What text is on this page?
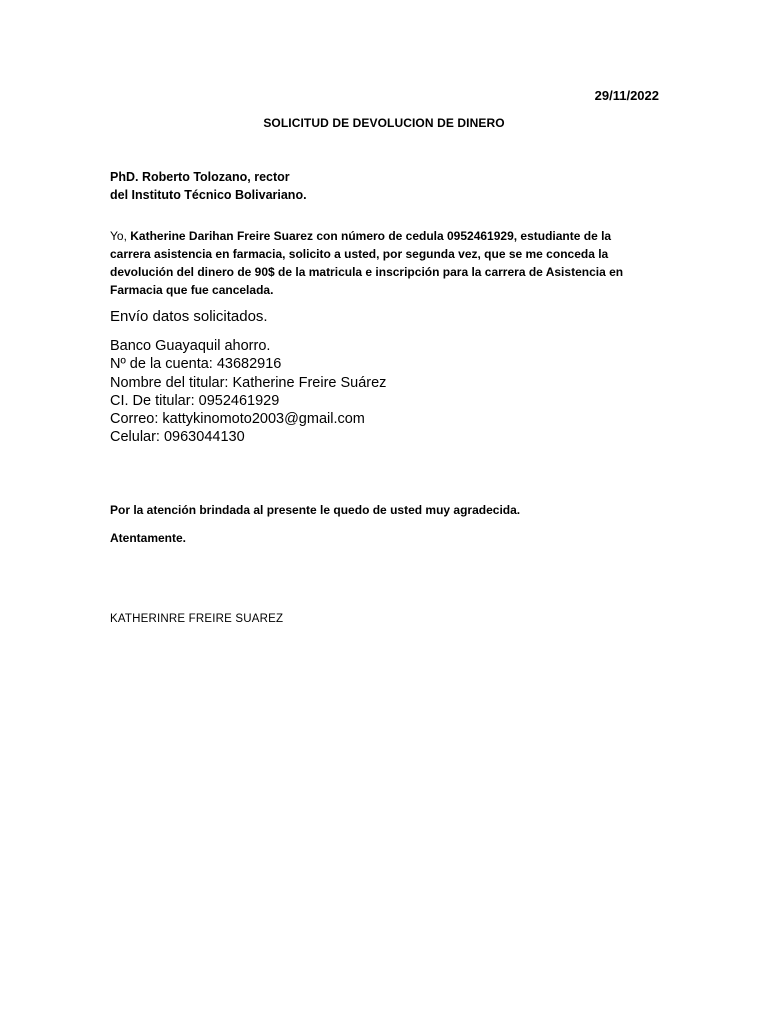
29/11/2022
SOLICITUD DE DEVOLUCION DE DINERO
PhD. Roberto Tolozano, rector
del Instituto Técnico Bolivariano.
Yo, Katherine Darihan Freire Suarez con número de cedula 0952461929, estudiante de la carrera asistencia en farmacia, solicito a usted, por segunda vez, que se me conceda la devolución del dinero de 90$ de la matricula e inscripción para la carrera de Asistencia en Farmacia que fue cancelada.
Envío datos solicitados.
Banco Guayaquil ahorro.
Nº de la cuenta: 43682916
Nombre del titular: Katherine Freire Suárez
CI. De titular: 0952461929
Correo: kattykinomoto2003@gmail.com
Celular: 0963044130
Por la atención brindada al presente le quedo de usted muy agradecida.
Atentamente.
KATHERINRE FREIRE SUAREZ
